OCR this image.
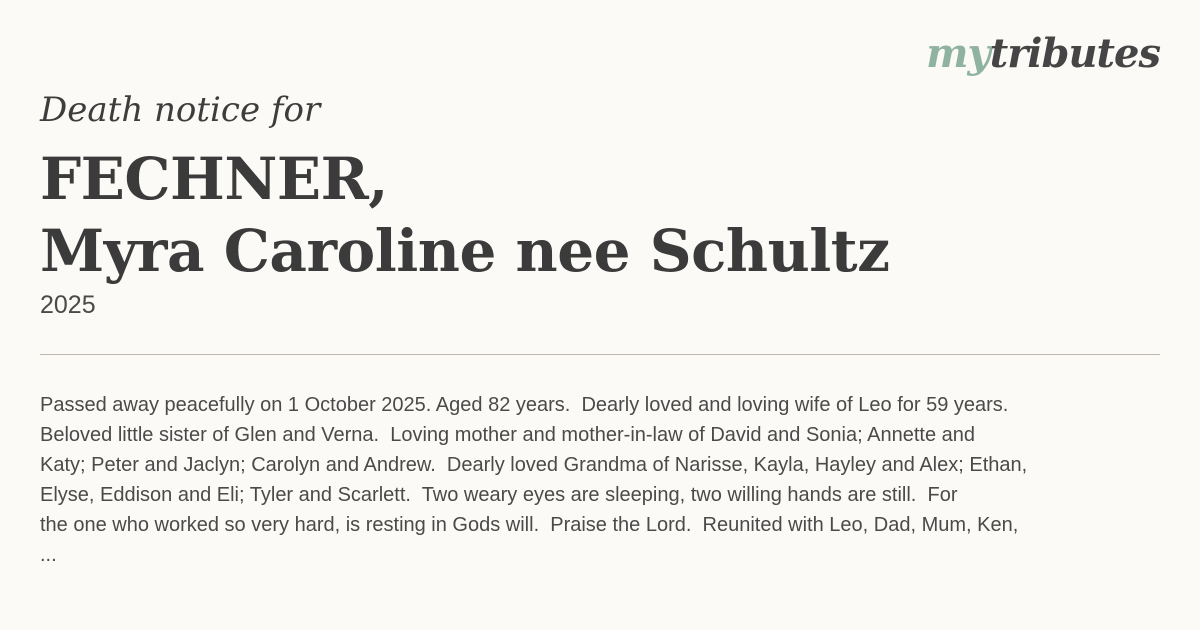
mytributes
Death notice for
FECHNER,
Myra Caroline nee Schultz
2025
Passed away peacefully on 1 October 2025. Aged 82 years.  Dearly loved and loving wife of Leo for 59 years.
Beloved little sister of Glen and Verna.  Loving mother and mother-in-law of David and Sonia; Annette and
Katy; Peter and Jaclyn; Carolyn and Andrew.  Dearly loved Grandma of Narisse, Kayla, Hayley and Alex; Ethan,
Elyse, Eddison and Eli; Tyler and Scarlett.  Two weary eyes are sleeping, two willing hands are still.  For
the one who worked so very hard, is resting in Gods will.  Praise the Lord.  Reunited with Leo, Dad, Mum, Ken,
...
